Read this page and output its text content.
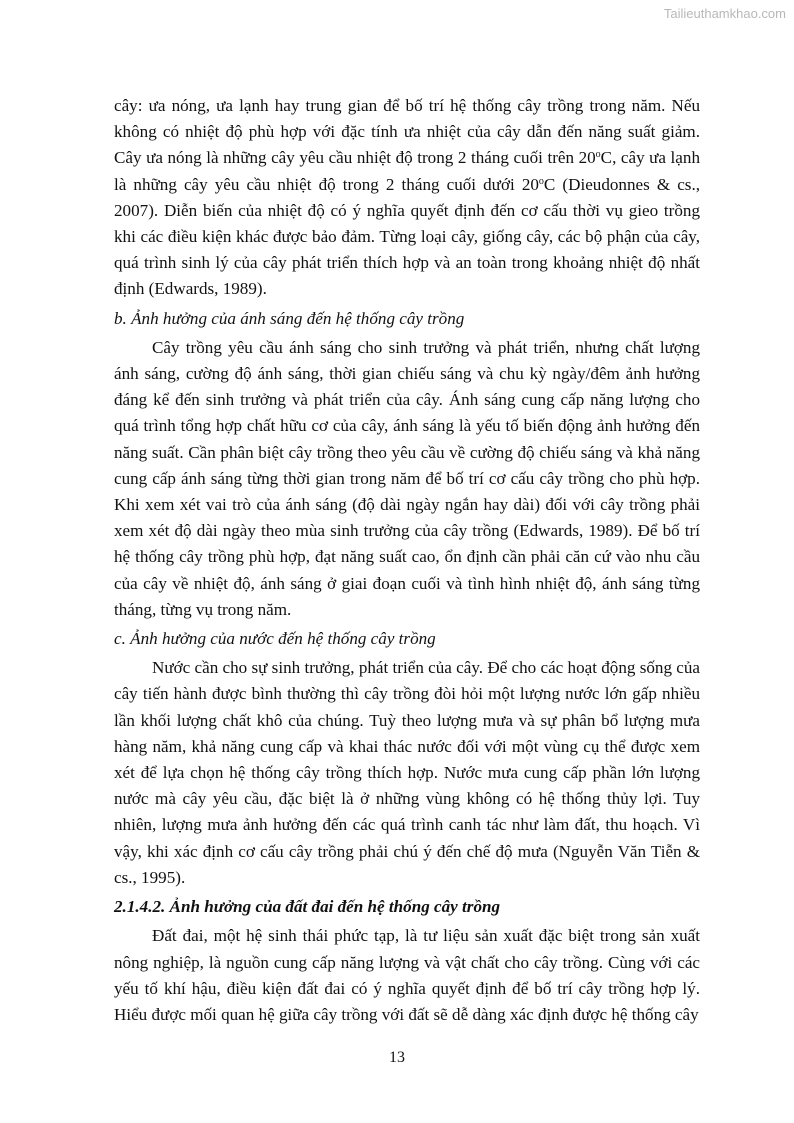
Tailieuthamkhao.com

cây: ưa nóng, ưa lạnh hay trung gian để bố trí hệ thống cây trồng trong năm. Nếu không có nhiệt độ phù hợp với đặc tính ưa nhiệt của cây dẫn đến năng suất giảm. Cây ưa nóng là những cây yêu cầu nhiệt độ trong 2 tháng cuối trên 20$^o$C, cây ưa lạnh là những cây yêu cầu nhiệt độ trong 2 tháng cuối dưới 20$^o$C (Dieudonnes & cs., 2007). Diễn biến của nhiệt độ có ý nghĩa quyết định đến cơ cấu thời vụ gieo trồng khi các điều kiện khác được bảo đảm. Từng loại cây, giống cây, các bộ phận của cây, quá trình sinh lý của cây phát triển thích hợp và an toàn trong khoảng nhiệt độ nhất định (Edwards, 1989).

b. Ảnh hưởng của ánh sáng đến hệ thống cây trồng

Cây trồng yêu cầu ánh sáng cho sinh trưởng và phát triển, nhưng chất lượng ánh sáng, cường độ ánh sáng, thời gian chiếu sáng và chu kỳ ngày/đêm ảnh hưởng đáng kể đến sinh trưởng và phát triển của cây. Ánh sáng cung cấp năng lượng cho quá trình tổng hợp chất hữu cơ của cây, ánh sáng là yếu tố biến động ảnh hưởng đến năng suất. Cần phân biệt cây trồng theo yêu cầu về cường độ chiếu sáng và khả năng cung cấp ánh sáng từng thời gian trong năm để bố trí cơ cấu cây trồng cho phù hợp. Khi xem xét vai trò của ánh sáng (độ dài ngày ngắn hay dài) đối với cây trồng phải xem xét độ dài ngày theo mùa sinh trưởng của cây trồng (Edwards, 1989). Để bố trí hệ thống cây trồng phù hợp, đạt năng suất cao, ổn định cần phải căn cứ vào nhu cầu của cây về nhiệt độ, ánh sáng ở giai đoạn cuối và tình hình nhiệt độ, ánh sáng từng tháng, từng vụ trong năm.

c. Ảnh hưởng của nước đến hệ thống cây trồng

Nước cần cho sự sinh trưởng, phát triển của cây. Để cho các hoạt động sống của cây tiến hành được bình thường thì cây trồng đòi hỏi một lượng nước lớn gấp nhiều lần khối lượng chất khô của chúng. Tuỳ theo lượng mưa và sự phân bổ lượng mưa hàng năm, khả năng cung cấp và khai thác nước đối với một vùng cụ thể được xem xét để lựa chọn hệ thống cây trồng thích hợp. Nước mưa cung cấp phần lớn lượng nước mà cây yêu cầu, đặc biệt là ở những vùng không có hệ thống thủy lợi. Tuy nhiên, lượng mưa ảnh hưởng đến các quá trình canh tác như làm đất, thu hoạch. Vì vậy, khi xác định cơ cấu cây trồng phải chú ý đến chế độ mưa (Nguyễn Văn Tiễn & cs., 1995).

2.1.4.2. Ảnh hưởng của đất đai đến hệ thống cây trồng

Đất đai, một hệ sinh thái phức tạp, là tư liệu sản xuất đặc biệt trong sản xuất nông nghiệp, là nguồn cung cấp năng lượng và vật chất cho cây trồng. Cùng với các yếu tố khí hậu, điều kiện đất đai có ý nghĩa quyết định để bố trí cây trồng hợp lý. Hiểu được mối quan hệ giữa cây trồng với đất sẽ dễ dàng xác định được hệ thống cây

13
